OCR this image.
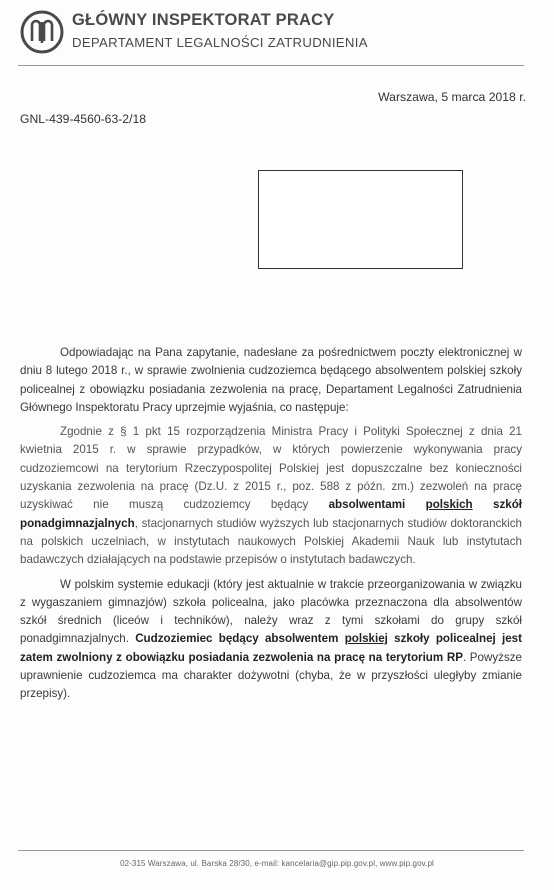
GŁÓWNY INSPEKTORAT PRACY
DEPARTAMENT LEGALNOŚCI ZATRUDNIENIA
Warszawa, 5 marca 2018 r.
GNL-439-4560-63-2/18

Odpowiadając na Pana zapytanie, nadesłane za pośrednictwem poczty elektronicznej w dniu 8 lutego 2018 r., w sprawie zwolnienia cudzoziemca będącego absolwentem polskiej szkoły policealnej z obowiązku posiadania zezwolenia na pracę, Departament Legalności Zatrudnienia Głównego Inspektoratu Pracy uprzejmie wyjaśnia, co następuje:

Zgodnie z § 1 pkt 15 rozporządzenia Ministra Pracy i Polityki Społecznej z dnia 21 kwietnia 2015 r. w sprawie przypadków, w których powierzenie wykonywania pracy cudzoziemcowi na terytorium Rzeczypospolitej Polskiej jest dopuszczalne bez konieczności uzyskania zezwolenia na pracę (Dz.U. z 2015 r., poz. 588 z późn. zm.) zezwoleń na pracę uzyskiwać nie muszą cudzoziemcy będący absolwentami polskich szkół ponadgimnazjalnych, stacjonarnych studiów wyższych lub stacjonarnych studiów doktoranckich na polskich uczelniach, w instytutach naukowych Polskiej Akademii Nauk lub instytutach badawczych działających na podstawie przepisów o instytutach badawczych.

W polskim systemie edukacji (który jest aktualnie w trakcie przeorganizowania w związku z wygaszaniem gimnazjów) szkoła policealna, jako placówka przeznaczona dla absolwentów szkół średnich (liceów i techników), należy wraz z tymi szkołami do grupy szkół ponadgimnazjalnych. Cudzoziemiec będący absolwentem polskiej szkoły policealnej jest zatem zwolniony z obowiązku posiadania zezwolenia na pracę na terytorium RP. Powyższe uprawnienie cudzoziemca ma charakter dożywotni (chyba, że w przyszłości uległyby zmianie przepisy).

02-315 Warszawa, ul. Barska 28/30, e-mail: kancelaria@gip.pip.gov.pl, www.pip.gov.pl
